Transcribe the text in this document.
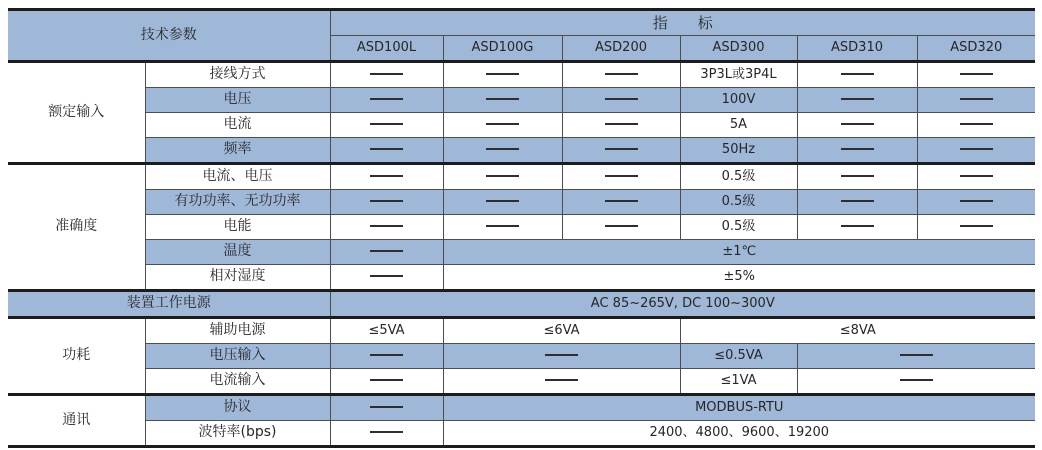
技术参数		指　　标					
		ASD100L	ASD100G	ASD200	ASD300	ASD310	ASD320
额定输入	接线方式				3P3L或3P4L		
	电压				100V		
	电流				5A		
	频率				50Hz		
准确度	电流、电压				0.5级		
	有功功率、无功功率				0.5级		
	电能				0.5级		
	温度		±1℃				
	相对湿度		±5%				
装置工作电源		AC 85~265V, DC 100~300V					
功耗	辅助电源	≤5VA	≤6VA		≤8VA		
	电压输入				≤0.5VA		
	电流输入				≤1VA		
通讯	协议		MODBUS-RTU				
	波特率(bps)		2400、4800、9600、19200				
